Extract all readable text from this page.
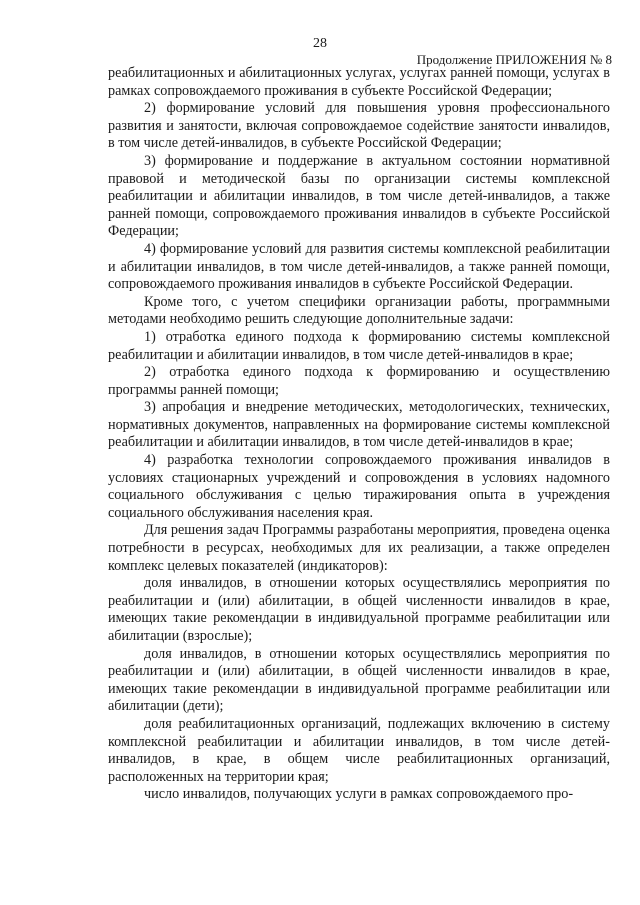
28
Продолжение ПРИЛОЖЕНИЯ № 8

реабилитационных и абилитационных услугах, услугах ранней помощи, услугах в рамках сопровождаемого проживания в субъекте Российской Федерации;

2) формирование условий для повышения уровня профессионального развития и занятости, включая сопровождаемое содействие занятости инвалидов, в том числе детей-инвалидов, в субъекте Российской Федерации;

3) формирование и поддержание в актуальном состоянии нормативной правовой и методической базы по организации системы комплексной реабилитации и абилитации инвалидов, в том числе детей-инвалидов, а также ранней помощи, сопровождаемого проживания инвалидов в субъекте Российской Федерации;

4) формирование условий для развития системы комплексной реабилитации и абилитации инвалидов, в том числе детей-инвалидов, а также ранней помощи, сопровождаемого проживания инвалидов в субъекте Российской Федерации.

Кроме того, с учетом специфики организации работы, программными методами необходимо решить следующие дополнительные задачи:

1) отработка единого подхода к формированию системы комплексной реабилитации и абилитации инвалидов, в том числе детей-инвалидов в крае;

2) отработка единого подхода к формированию и осуществлению программы ранней помощи;

3) апробация и внедрение методических, методологических, технических, нормативных документов, направленных на формирование системы комплексной реабилитации и абилитации инвалидов, в том числе детей-инвалидов в крае;

4) разработка технологии сопровождаемого проживания инвалидов в условиях стационарных учреждений и сопровождения в условиях надомного социального обслуживания с целью тиражирования опыта в учреждения социального обслуживания населения края.

Для решения задач Программы разработаны мероприятия, проведена оценка потребности в ресурсах, необходимых для их реализации, а также определен комплекс целевых показателей (индикаторов):

доля инвалидов, в отношении которых осуществлялись мероприятия по реабилитации и (или) абилитации, в общей численности инвалидов в крае, имеющих такие рекомендации в индивидуальной программе реабилитации или абилитации (взрослые);

доля инвалидов, в отношении которых осуществлялись мероприятия по реабилитации и (или) абилитации, в общей численности инвалидов в крае, имеющих такие рекомендации в индивидуальной программе реабилитации или абилитации (дети);

доля реабилитационных организаций, подлежащих включению в систему комплексной реабилитации и абилитации инвалидов, в том числе детей-инвалидов, в крае, в общем числе реабилитационных организаций, расположенных на территории края;

число инвалидов, получающих услуги в рамках сопровождаемого про-
